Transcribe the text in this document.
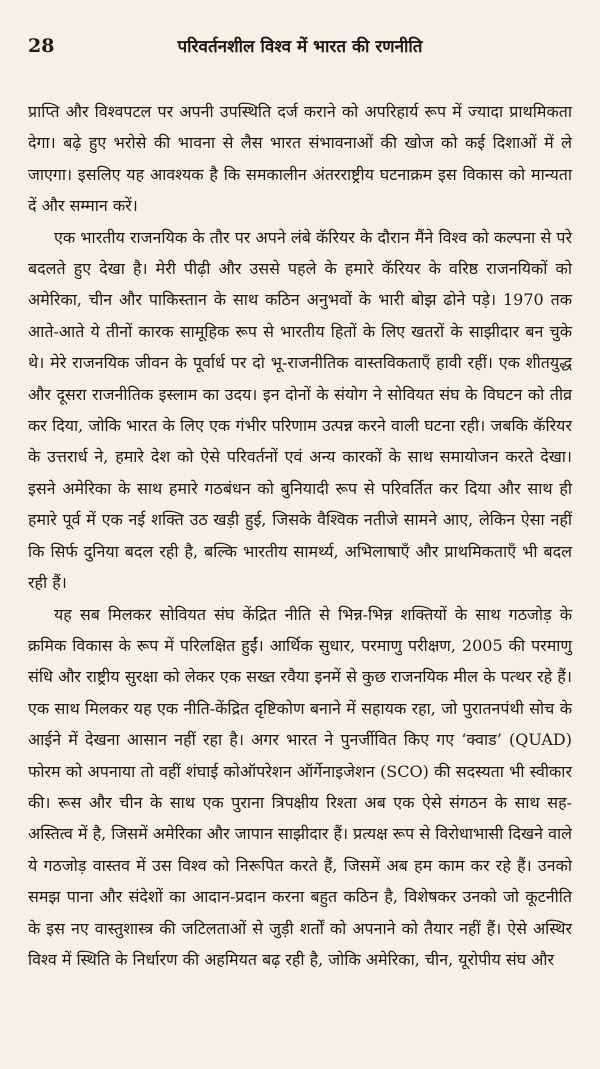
28	परिवर्तनशील विश्व में भारत की रणनीति

प्राप्ति और विश्वपटल पर अपनी उपस्थिति दर्ज कराने को अपरिहार्य रूप में ज्यादा प्राथमिकता देगा। बढ़े हुए भरोसे की भावना से लैस भारत संभावनाओं की खोज को कई दिशाओं में ले जाएगा। इसलिए यह आवश्यक है कि समकालीन अंतरराष्ट्रीय घटनाक्रम इस विकास को मान्यता दें और सम्मान करें।

एक भारतीय राजनयिक के तौर पर अपने लंबे कॅरियर के दौरान मैंने विश्व को कल्पना से परे बदलते हुए देखा है। मेरी पीढ़ी और उससे पहले के हमारे कॅरियर के वरिष्ठ राजनयिकों को अमेरिका, चीन और पाकिस्तान के साथ कठिन अनुभवों के भारी बोझ ढोने पड़े। 1970 तक आते-आते ये तीनों कारक सामूहिक रूप से भारतीय हितों के लिए खतरों के साझीदार बन चुके थे। मेरे राजनयिक जीवन के पूर्वार्ध पर दो भू-राजनीतिक वास्तविकताएँ हावी रहीं। एक शीतयुद्ध और दूसरा राजनीतिक इस्लाम का उदय। इन दोनों के संयोग ने सोवियत संघ के विघटन को तीव्र कर दिया, जोकि भारत के लिए एक गंभीर परिणाम उत्पन्न करने वाली घटना रही। जबकि कॅरियर के उत्तरार्ध ने, हमारे देश को ऐसे परिवर्तनों एवं अन्य कारकों के साथ समायोजन करते देखा। इसने अमेरिका के साथ हमारे गठबंधन को बुनियादी रूप से परिवर्तित कर दिया और साथ ही हमारे पूर्व में एक नई शक्ति उठ खड़ी हुई, जिसके वैश्विक नतीजे सामने आए, लेकिन ऐसा नहीं कि सिर्फ दुनिया बदल रही है, बल्कि भारतीय सामर्थ्य, अभिलाषाएँ और प्राथमिकताएँ भी बदल रही हैं।

यह सब मिलकर सोवियत संघ केंद्रित नीति से भिन्न-भिन्न शक्तियों के साथ गठजोड़ के क्रमिक विकास के रूप में परिलक्षित हुईं। आर्थिक सुधार, परमाणु परीक्षण, 2005 की परमाणु संधि और राष्ट्रीय सुरक्षा को लेकर एक सख्त रवैया इनमें से कुछ राजनयिक मील के पत्थर रहे हैं। एक साथ मिलकर यह एक नीति-केंद्रित दृष्टिकोण बनाने में सहायक रहा, जो पुरातनपंथी सोच के आईने में देखना आसान नहीं रहा है। अगर भारत ने पुनर्जीवित किए गए ‘क्वाड’ (QUAD) फोरम को अपनाया तो वहीं शंघाई कोऑपरेशन ऑर्गेनाइजेशन (SCO) की सदस्यता भी स्वीकार की। रूस और चीन के साथ एक पुराना त्रिपक्षीय रिश्ता अब एक ऐसे संगठन के साथ सह-अस्तित्व में है, जिसमें अमेरिका और जापान साझीदार हैं। प्रत्यक्ष रूप से विरोधाभासी दिखने वाले ये गठजोड़ वास्तव में उस विश्व को निरूपित करते हैं, जिसमें अब हम काम कर रहे हैं। उनको समझ पाना और संदेशों का आदान-प्रदान करना बहुत कठिन है, विशेषकर उनको जो कूटनीति के इस नए वास्तुशास्त्र की जटिलताओं से जुड़ी शर्तों को अपनाने को तैयार नहीं हैं। ऐसे अस्थिर विश्व में स्थिति के निर्धारण की अहमियत बढ़ रही है, जोकि अमेरिका, चीन, यूरोपीय संघ और
